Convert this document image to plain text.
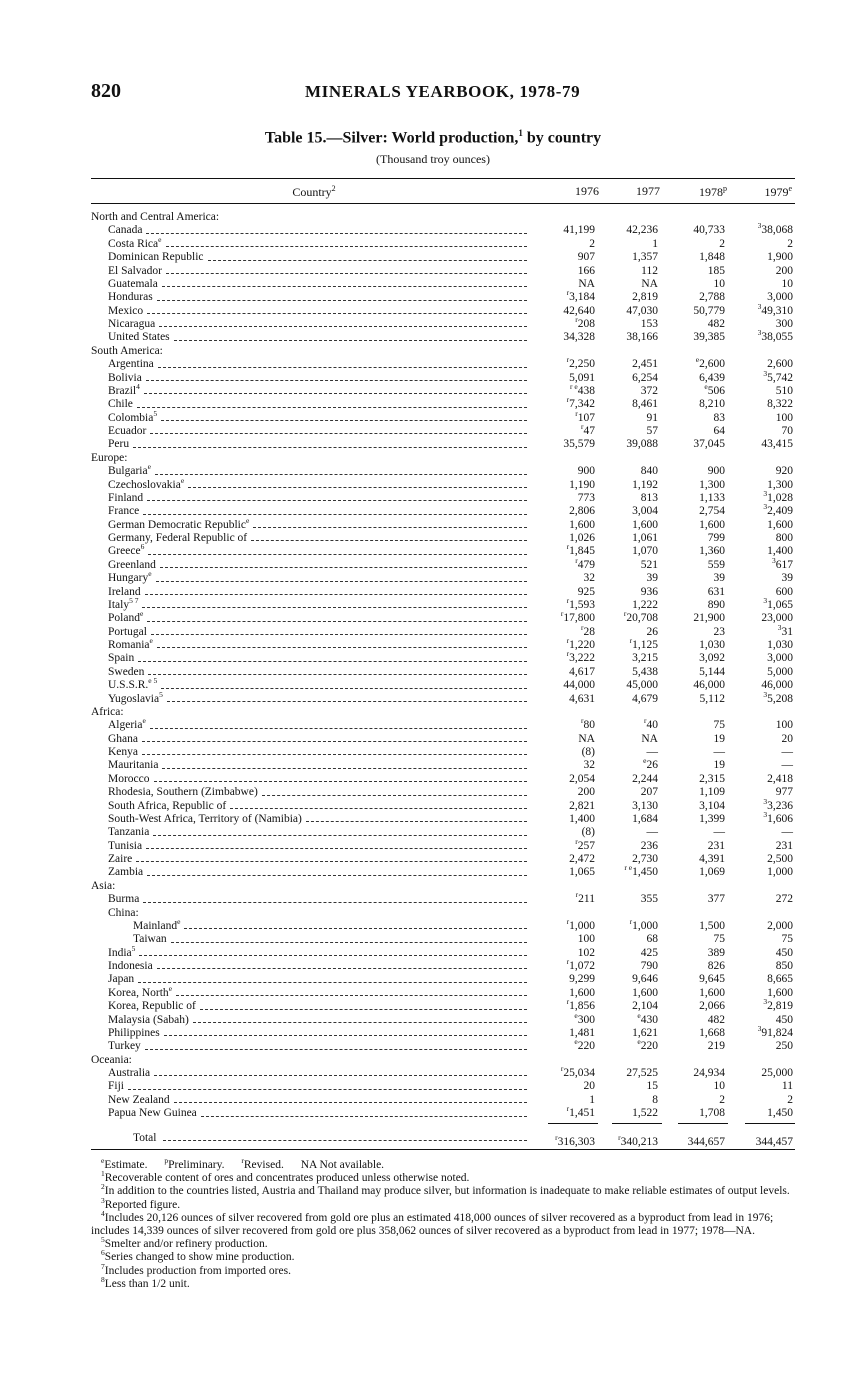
820	MINERALS YEARBOOK, 1978-79
Table 15.—Silver: World production,$^1$ by country
(Thousand troy ounces)
Country$^2$	1976	1977	1978$^p$	1979e
North and Central America:
Canada	41,199	42,236	40,733	$^3$38,068
Costa Rica$^e$	2	1	2	2
Dominican Republic	907	1,357	1,848	1,900
El Salvador	166	112	185	200
Guatemala	NA	NA	10	10
Honduras	$^r$3,184	2,819	2,788	3,000
Mexico	42,640	47,030	50,779	$^3$49,310
Nicaragua	$^r$208	153	482	300
United States	34,328	38,166	39,385	$^3$38,055
South America:
Argentina	$^r$2,250	2,451	$^e$2,600	2,600
Bolivia	5,091	6,254	6,439	$^3$5,742
Brazil$^4$	$^{r e}$438	372	$^e$506	510
Chile	$^r$7,342	8,461	8,210	8,322
Colombia$^5$	$^r$107	91	83	100
Ecuador	$^r$47	57	64	70
Peru	35,579	39,088	37,045	43,415
Europe:
Bulgaria$^e$	900	840	900	920
Czechoslovakia$^e$	1,190	1,192	1,300	1,300
Finland	773	813	1,133	$^3$1,028
France	2,806	3,004	2,754	$^3$2,409
German Democratic Republic$^e$	1,600	1,600	1,600	1,600
Germany, Federal Republic of	1,026	1,061	799	800
Greece$^6$	$^r$1,845	1,070	1,360	1,400
Greenland	$^r$479	521	559	$^3$617
Hungary$^e$	32	39	39	39
Ireland	925	936	631	600
Italy$^{5 7}$	$^r$1,593	1,222	890	$^3$1,065
Poland$^e$	$^r$17,800	$^r$20,708	21,900	23,000
Portugal	$^r$28	26	23	$^3$31
Romania$^e$	$^r$1,220	$^r$1,125	1,030	1,030
Spain	$^r$3,222	3,215	3,092	3,000
Sweden	4,617	5,438	5,144	5,000
U.S.S.R.$^{e 5}$	44,000	45,000	46,000	46,000
Yugoslavia$^5$	4,631	4,679	5,112	$^3$5,208
Africa:
Algeria$^e$	$^r$80	$^r$40	75	100
Ghana	NA	NA	19	20
Kenya	(8)	—	—	—
Mauritania	32	$^e$26	19	—
Morocco	2,054	2,244	2,315	2,418
Rhodesia, Southern (Zimbabwe)	200	207	1,109	977
South Africa, Republic of	2,821	3,130	3,104	$^3$3,236
South-West Africa, Territory of (Namibia)	1,400	1,684	1,399	$^3$1,606
Tanzania	(8)	—	—	—
Tunisia	$^r$257	236	231	231
Zaire	2,472	2,730	4,391	2,500
Zambia	1,065	$^{r e}$1,450	1,069	1,000
Asia:
Burma	$^r$211	355	377	272
China:
Mainland$^e$	$^r$1,000	$^r$1,000	1,500	2,000
Taiwan	100	68	75	75
India$^5$	102	425	389	450
Indonesia	$^r$1,072	790	826	850
Japan	9,299	9,646	9,645	8,665
Korea, North$^e$	1,600	1,600	1,600	1,600
Korea, Republic of	$^r$1,856	2,104	2,066	$^3$2,819
Malaysia (Sabah)	$^e$300	$^e$430	482	450
Philippines	1,481	1,621	1,668	$^3$91,824
Turkey	$^e$220	$^e$220	219	250
Oceania:
Australia	$^r$25,034	27,525	24,934	25,000
Fiji	20	15	10	11
New Zealand	1	8	2	2
Papua New Guinea	$^r$1,451	1,522	1,708	1,450
Total	$^r$316,303	$^r$340,213	344,657	344,457

$^e$Estimate. $^p$Preliminary. $^r$Revised. NA Not available.

$^1$Recoverable content of ores and concentrates produced unless otherwise noted.

$^2$In addition to the countries listed, Austria and Thailand may produce silver, but information is inadequate to make reliable estimates of output levels.

$^3$Reported figure.

$^4$Includes 20,126 ounces of silver recovered from gold ore plus an estimated 418,000 ounces of silver recovered as a byproduct from lead in 1976; includes 14,339 ounces of silver recovered from gold ore plus 358,062 ounces of silver recovered as a byproduct from lead in 1977; 1978—NA.

$^5$Smelter and/or refinery production.

$^6$Series changed to show mine production.

$^7$Includes production from imported ores.

$^8$Less than 1/2 unit.
